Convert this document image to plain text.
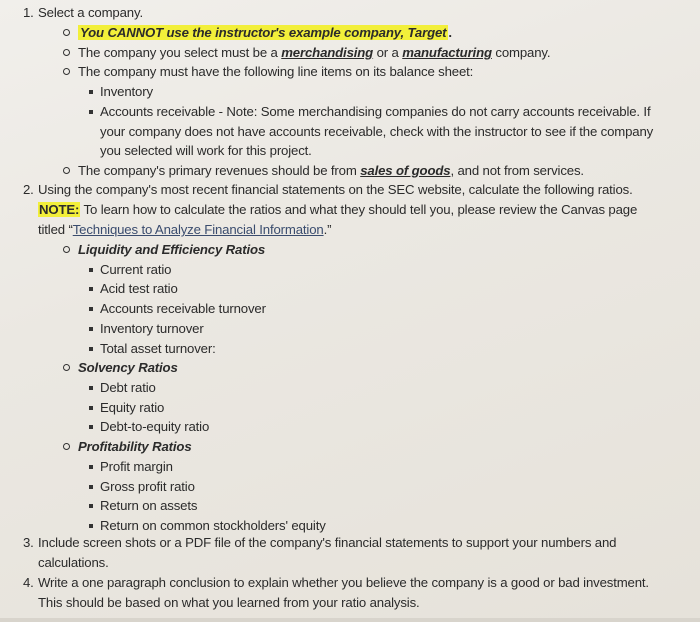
1. Select a company.
You CANNOT use the instructor's example company, Target .
The company you select must be a merchandising or a manufacturing company.
The company must have the following line items on its balance sheet:
Inventory
Accounts receivable - Note: Some merchandising companies do not carry accounts receivable. If
your company does not have accounts receivable, check with the instructor to see if the company
you selected will work for this project.
The company's primary revenues should be from sales of goods, and not from services.
2. Using the company's most recent financial statements on the SEC website, calculate the following ratios.
NOTE: To learn how to calculate the ratios and what they should tell you, please review the Canvas page
titled “Techniques to Analyze Financial Information.”
Liquidity and Efficiency Ratios
Current ratio
Acid test ratio
Accounts receivable turnover
Inventory turnover
Total asset turnover:
Solvency Ratios
Debt ratio
Equity ratio
Debt-to-equity ratio
Profitability Ratios
Profit margin
Gross profit ratio
Return on assets
Return on common stockholders' equity
3. Include screen shots or a PDF file of the company's financial statements to support your numbers and
calculations.
4. Write a one paragraph conclusion to explain whether you believe the company is a good or bad investment.
This should be based on what you learned from your ratio analysis.
